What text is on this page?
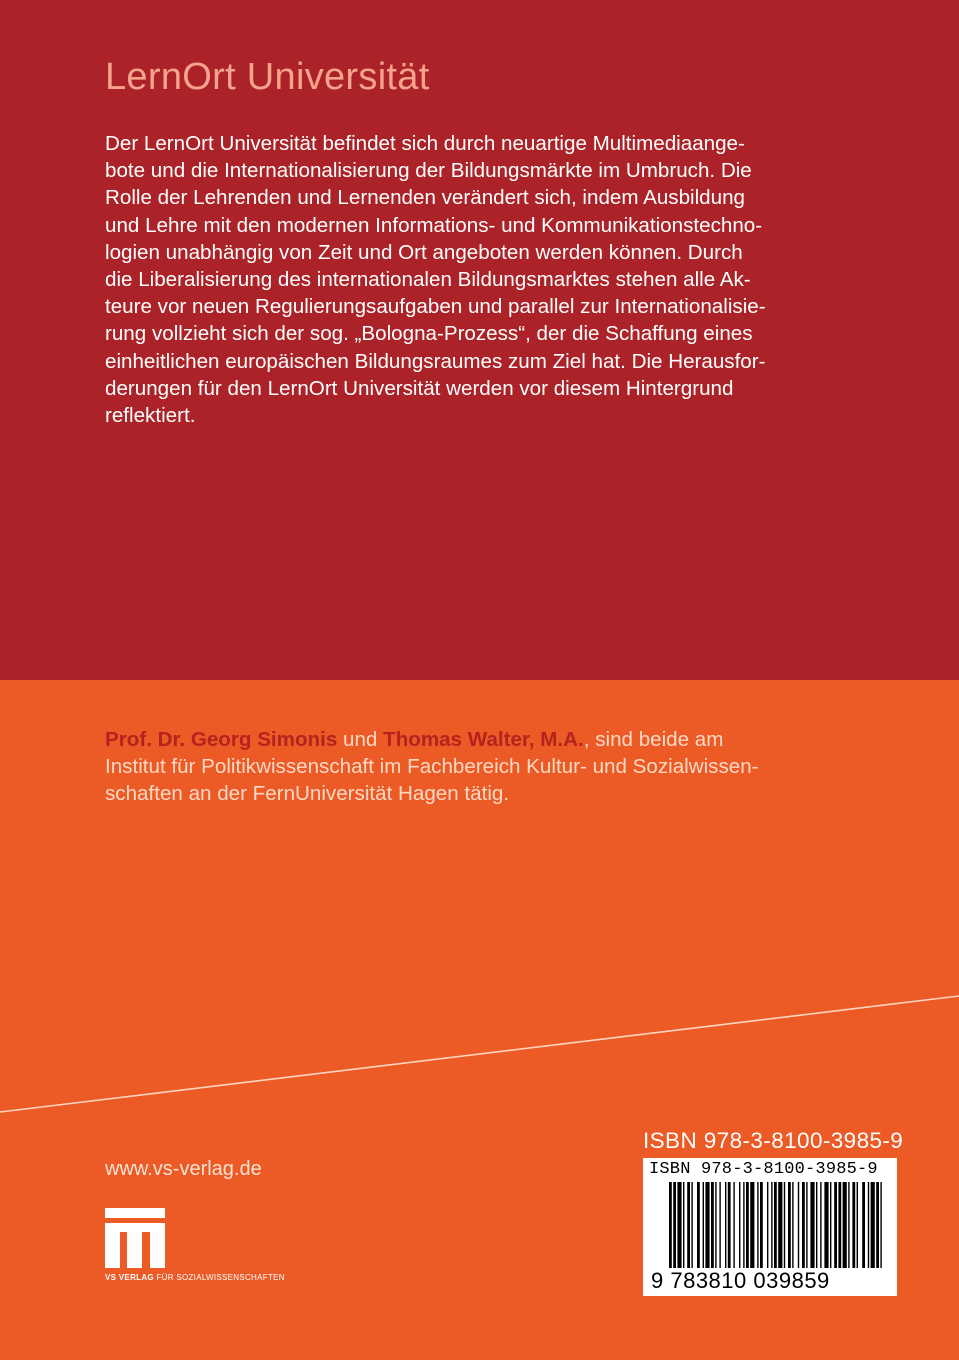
LernOrt Universität
Der LernOrt Universität befindet sich durch neuartige Multimediaange-
bote und die Internationalisierung der Bildungsmärkte im Umbruch. Die
Rolle der Lehrenden und Lernenden verändert sich, indem Ausbildung
und Lehre mit den modernen Informations- und Kommunikationstechno-
logien unabhängig von Zeit und Ort angeboten werden können. Durch
die Liberalisierung des internationalen Bildungsmarktes stehen alle Ak-
teure vor neuen Regulierungsaufgaben und parallel zur Internationalisie-
rung vollzieht sich der sog. „Bologna-Prozess“, der die Schaffung eines
einheitlichen europäischen Bildungsraumes zum Ziel hat. Die Herausfor-
derungen für den LernOrt Universität werden vor diesem Hintergrund
reflektiert.
Prof. Dr. Georg Simonis und Thomas Walter, M.A., sind beide am
Institut für Politikwissenschaft im Fachbereich Kultur- und Sozialwissen-
schaften an der FernUniversität Hagen tätig.
www.vs-verlag.de
VS VERLAG FÜR SOZIALWISSENSCHAFTEN
ISBN 978-3-8100-3985-9
ISBN 978-3-8100-3985-9
9 783810 039859
